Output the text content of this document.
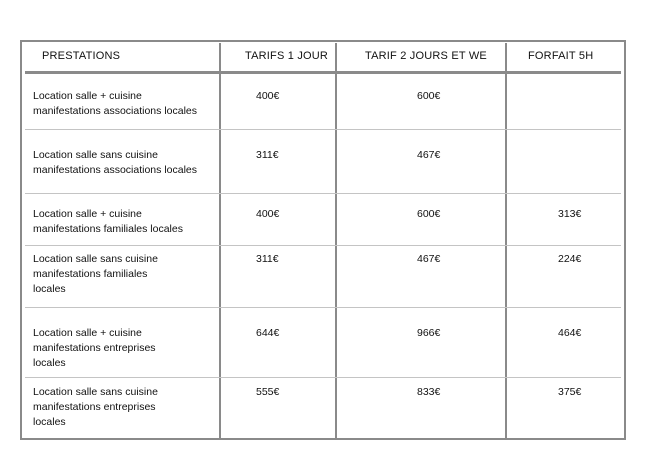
PRESTATIONS	TARIFS 1 JOUR	TARIF 2 JOURS ET WE	FORFAIT 5H
Location salle + cuisine
manifestations associations locales
400€	600€
Location salle sans cuisine
manifestations associations locales
311€	467€
Location salle + cuisine
manifestations familiales locales
400€	600€	313€
Location salle sans cuisine
manifestations familiales
locales
311€	467€	224€
Location salle + cuisine
manifestations entreprises
locales
644€	966€	464€
Location salle sans cuisine
manifestations entreprises
locales
555€	833€	375€
